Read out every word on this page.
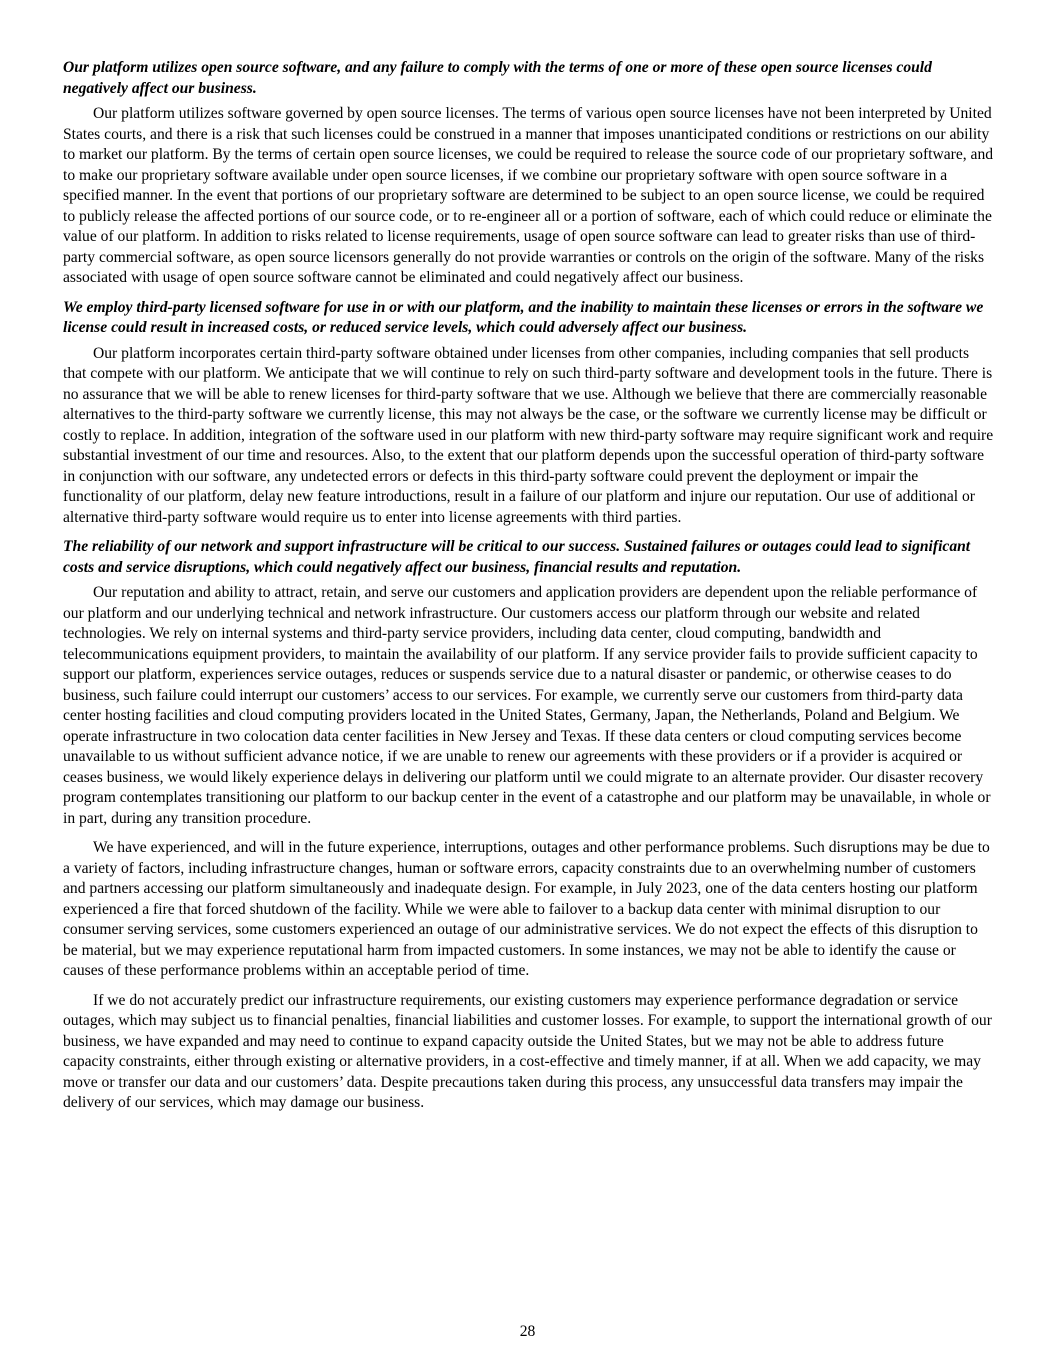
Our platform utilizes open source software, and any failure to comply with the terms of one or more of these open source licenses could negatively affect our business.

Our platform utilizes software governed by open source licenses. The terms of various open source licenses have not been interpreted by United States courts, and there is a risk that such licenses could be construed in a manner that imposes unanticipated conditions or restrictions on our ability to market our platform. By the terms of certain open source licenses, we could be required to release the source code of our proprietary software, and to make our proprietary software available under open source licenses, if we combine our proprietary software with open source software in a specified manner. In the event that portions of our proprietary software are determined to be subject to an open source license, we could be required to publicly release the affected portions of our source code, or to re-engineer all or a portion of software, each of which could reduce or eliminate the value of our platform. In addition to risks related to license requirements, usage of open source software can lead to greater risks than use of third-party commercial software, as open source licensors generally do not provide warranties or controls on the origin of the software. Many of the risks associated with usage of open source software cannot be eliminated and could negatively affect our business.

We employ third-party licensed software for use in or with our platform, and the inability to maintain these licenses or errors in the software we license could result in increased costs, or reduced service levels, which could adversely affect our business.

Our platform incorporates certain third-party software obtained under licenses from other companies, including companies that sell products that compete with our platform. We anticipate that we will continue to rely on such third-party software and development tools in the future. There is no assurance that we will be able to renew licenses for third-party software that we use. Although we believe that there are commercially reasonable alternatives to the third-party software we currently license, this may not always be the case, or the software we currently license may be difficult or costly to replace. In addition, integration of the software used in our platform with new third-party software may require significant work and require substantial investment of our time and resources. Also, to the extent that our platform depends upon the successful operation of third-party software in conjunction with our software, any undetected errors or defects in this third-party software could prevent the deployment or impair the functionality of our platform, delay new feature introductions, result in a failure of our platform and injure our reputation. Our use of additional or alternative third-party software would require us to enter into license agreements with third parties.

The reliability of our network and support infrastructure will be critical to our success. Sustained failures or outages could lead to significant costs and service disruptions, which could negatively affect our business, financial results and reputation.

Our reputation and ability to attract, retain, and serve our customers and application providers are dependent upon the reliable performance of our platform and our underlying technical and network infrastructure. Our customers access our platform through our website and related technologies. We rely on internal systems and third-party service providers, including data center, cloud computing, bandwidth and telecommunications equipment providers, to maintain the availability of our platform. If any service provider fails to provide sufficient capacity to support our platform, experiences service outages, reduces or suspends service due to a natural disaster or pandemic, or otherwise ceases to do business, such failure could interrupt our customers’ access to our services. For example, we currently serve our customers from third-party data center hosting facilities and cloud computing providers located in the United States, Germany, Japan, the Netherlands, Poland and Belgium. We operate infrastructure in two colocation data center facilities in New Jersey and Texas. If these data centers or cloud computing services become unavailable to us without sufficient advance notice, if we are unable to renew our agreements with these providers or if a provider is acquired or ceases business, we would likely experience delays in delivering our platform until we could migrate to an alternate provider. Our disaster recovery program contemplates transitioning our platform to our backup center in the event of a catastrophe and our platform may be unavailable, in whole or in part, during any transition procedure.

We have experienced, and will in the future experience, interruptions, outages and other performance problems. Such disruptions may be due to a variety of factors, including infrastructure changes, human or software errors, capacity constraints due to an overwhelming number of customers and partners accessing our platform simultaneously and inadequate design. For example, in July 2023, one of the data centers hosting our platform experienced a fire that forced shutdown of the facility. While we were able to failover to a backup data center with minimal disruption to our consumer serving services, some customers experienced an outage of our administrative services. We do not expect the effects of this disruption to be material, but we may experience reputational harm from impacted customers. In some instances, we may not be able to identify the cause or causes of these performance problems within an acceptable period of time.

If we do not accurately predict our infrastructure requirements, our existing customers may experience performance degradation or service outages, which may subject us to financial penalties, financial liabilities and customer losses. For example, to support the international growth of our business, we have expanded and may need to continue to expand capacity outside the United States, but we may not be able to address future capacity constraints, either through existing or alternative providers, in a cost-effective and timely manner, if at all. When we add capacity, we may move or transfer our data and our customers’ data. Despite precautions taken during this process, any unsuccessful data transfers may impair the delivery of our services, which may damage our business.

28
